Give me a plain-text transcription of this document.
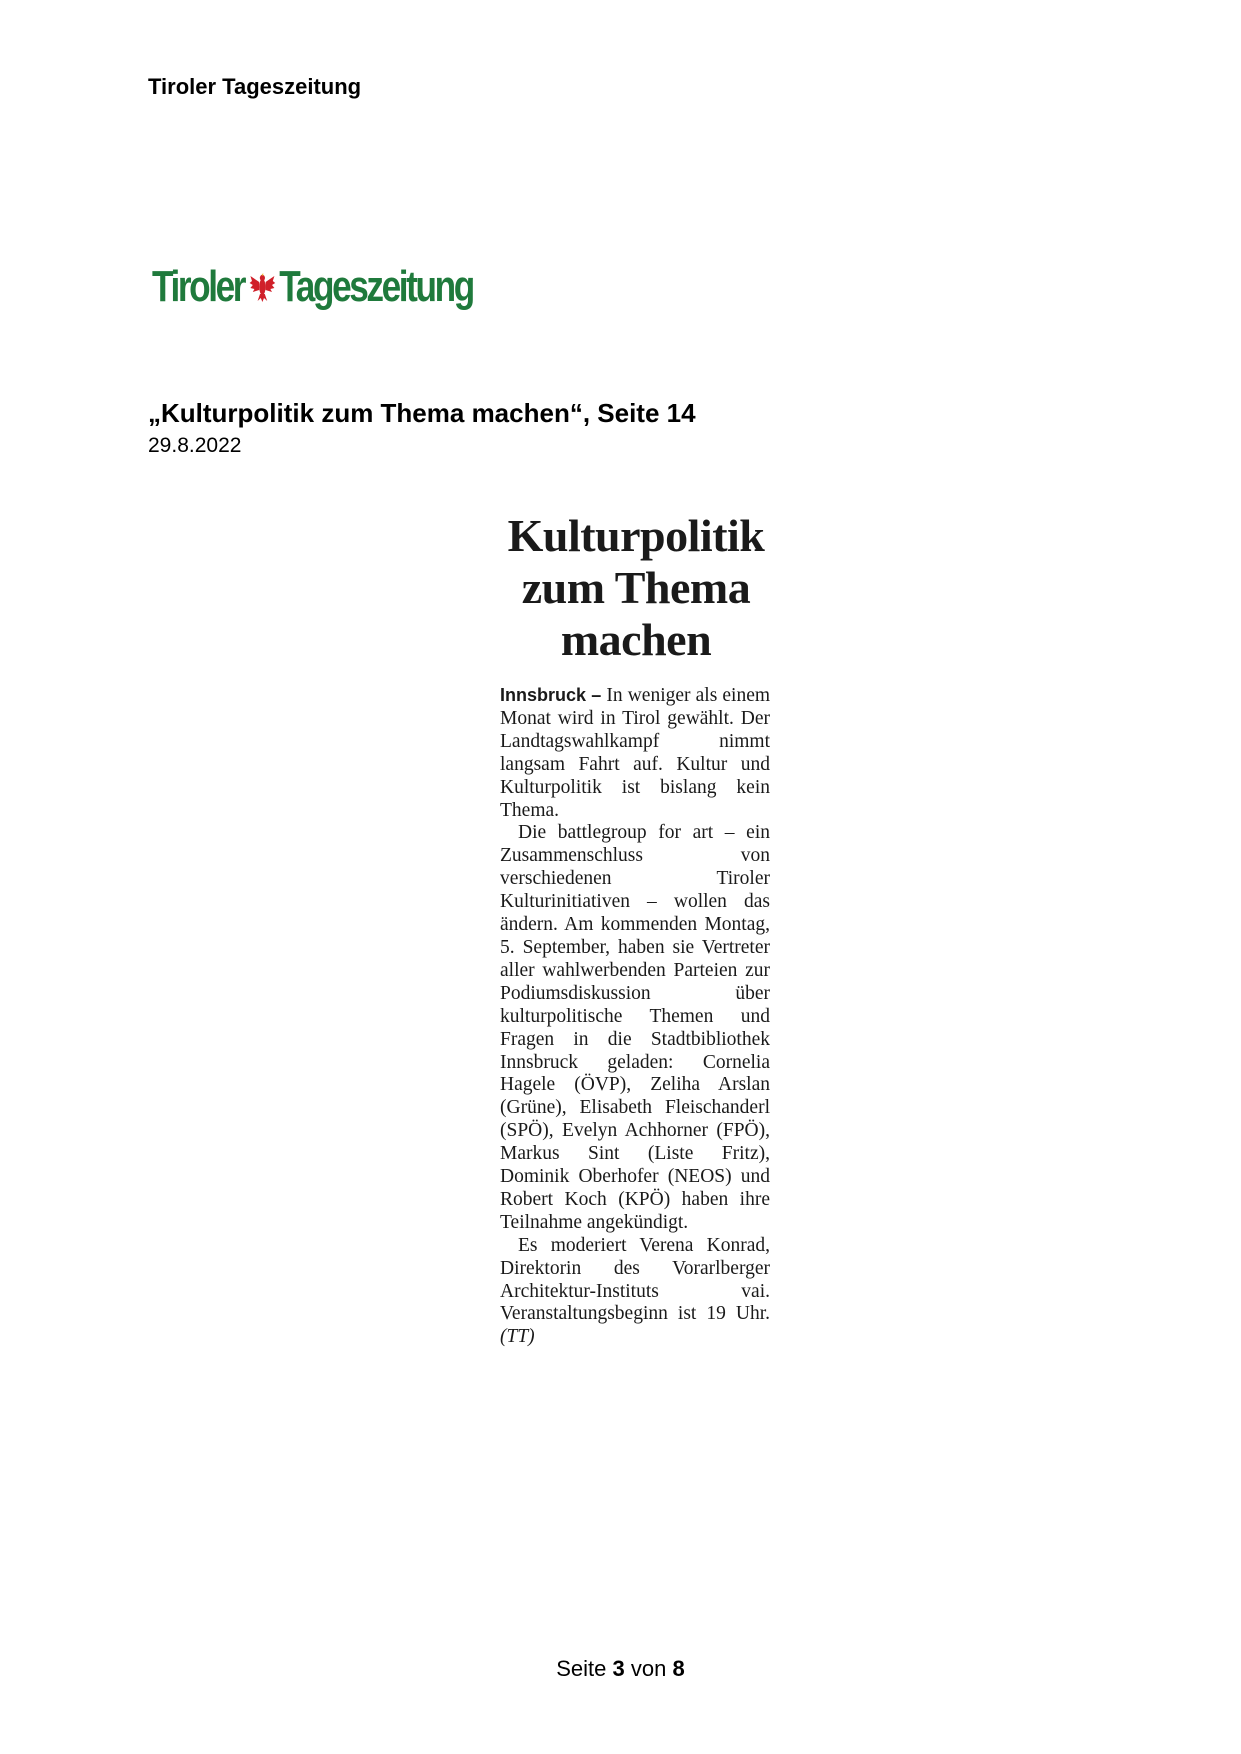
Tiroler Tageszeitung
Tiroler Tageszeitung
„Kulturpolitik zum Thema machen“, Seite 14
29.8.2022
Kulturpolitik zum Thema machen

Innsbruck – In weniger als einem Monat wird in Tirol gewählt. Der Landtagswahlkampf nimmt langsam Fahrt auf. Kultur und Kulturpolitik ist bislang kein Thema.

Die battlegroup for art – ein Zusammenschluss von verschiedenen Tiroler Kulturinitiativen – wollen das ändern. Am kommenden Montag, 5. September, haben sie Vertreter aller wahlwerbenden Parteien zur Podiumsdiskussion über kulturpolitische Themen und Fragen in die Stadtbibliothek Innsbruck geladen: Cornelia Hagele (ÖVP), Zeliha Arslan (Grüne), Elisabeth Fleischanderl (SPÖ), Evelyn Achhorner (FPÖ), Markus Sint (Liste Fritz), Dominik Oberhofer (NEOS) und Robert Koch (KPÖ) haben ihre Teilnahme angekündigt.

Es moderiert Verena Konrad, Direktorin des Vorarlberger Architektur-Instituts vai. Veranstaltungsbeginn ist 19 Uhr. (TT)

Seite 3 von 8
